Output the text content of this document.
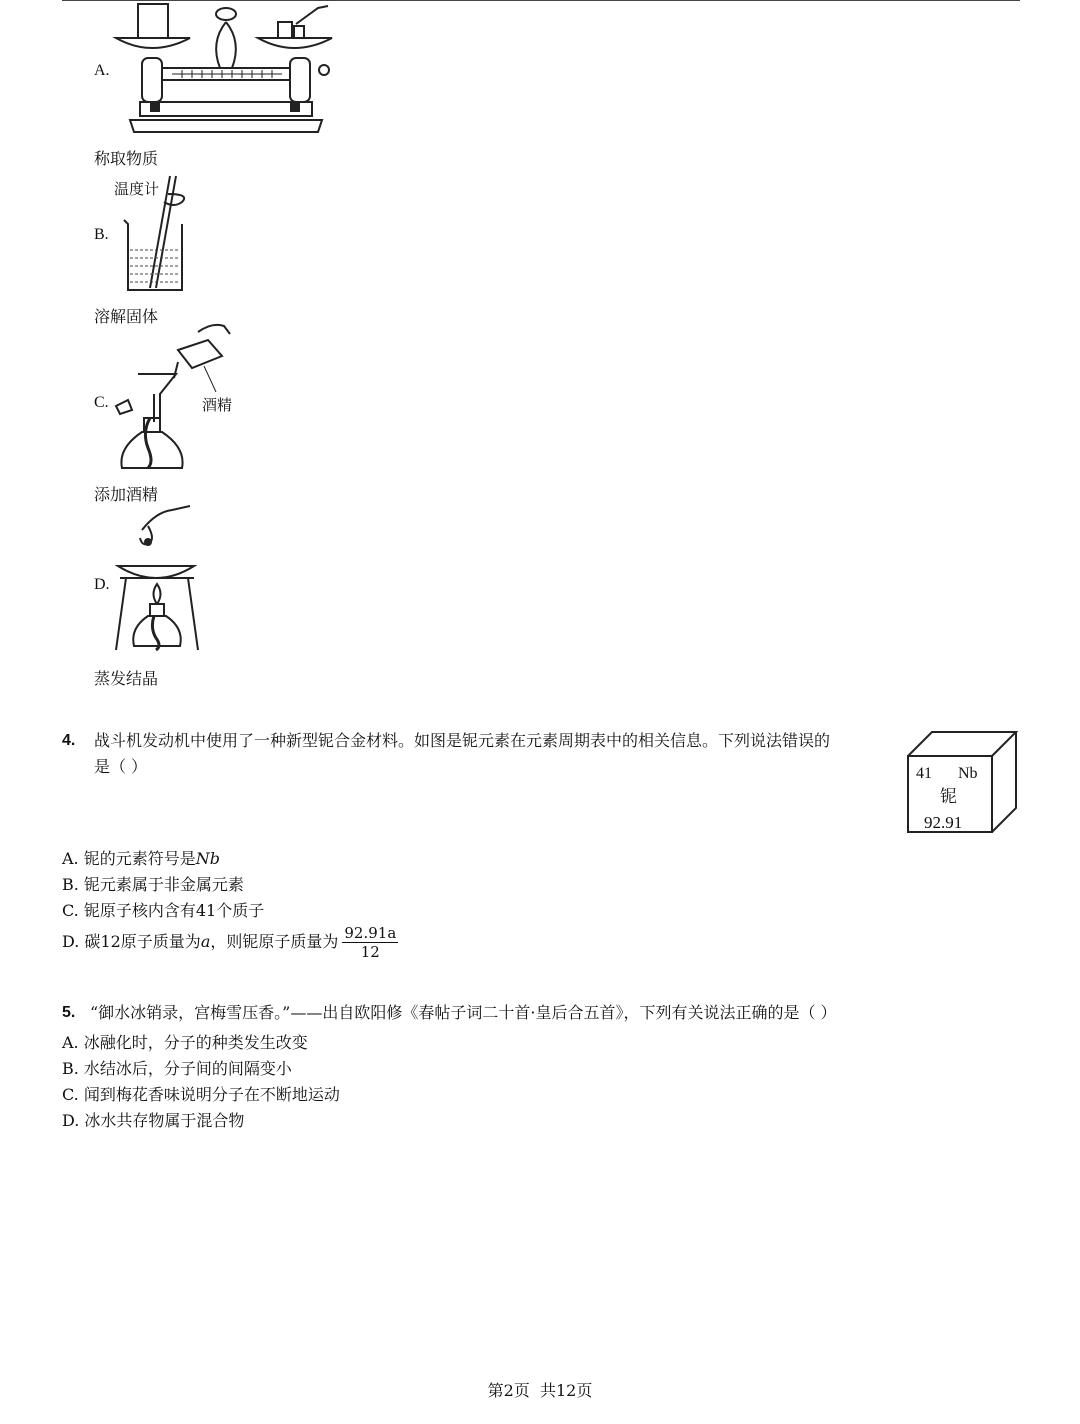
A.
称取物质
B.
温度计
溶解固体
C.	酒精
添加酒精
D.
蒸发结晶
4. 战斗机发动机中使用了一种新型铌合金材料。如图是铌元素在元素周期表中的相关信息。下列说法错误的
是（ ）	41 Nb
铌
92.91
A. 铌的元素符号是Nb
B. 铌元素属于非金属元素
C. 铌原子核内含有41个质子
D. 碳12原子质量为a，则铌原子质量为 $\frac{92.91a}{12}$
5. “御水冰销录，宫梅雪压香。”——出自欧阳修《春帖子词二十首·皇后合五首》，下列有关说法正确的是（ ）
A. 冰融化时，分子的种类发生改变
B. 水结冰后，分子间的间隔变小
C. 闻到梅花香味说明分子在不断地运动
D. 冰水共存物属于混合物
第2页  共12页
